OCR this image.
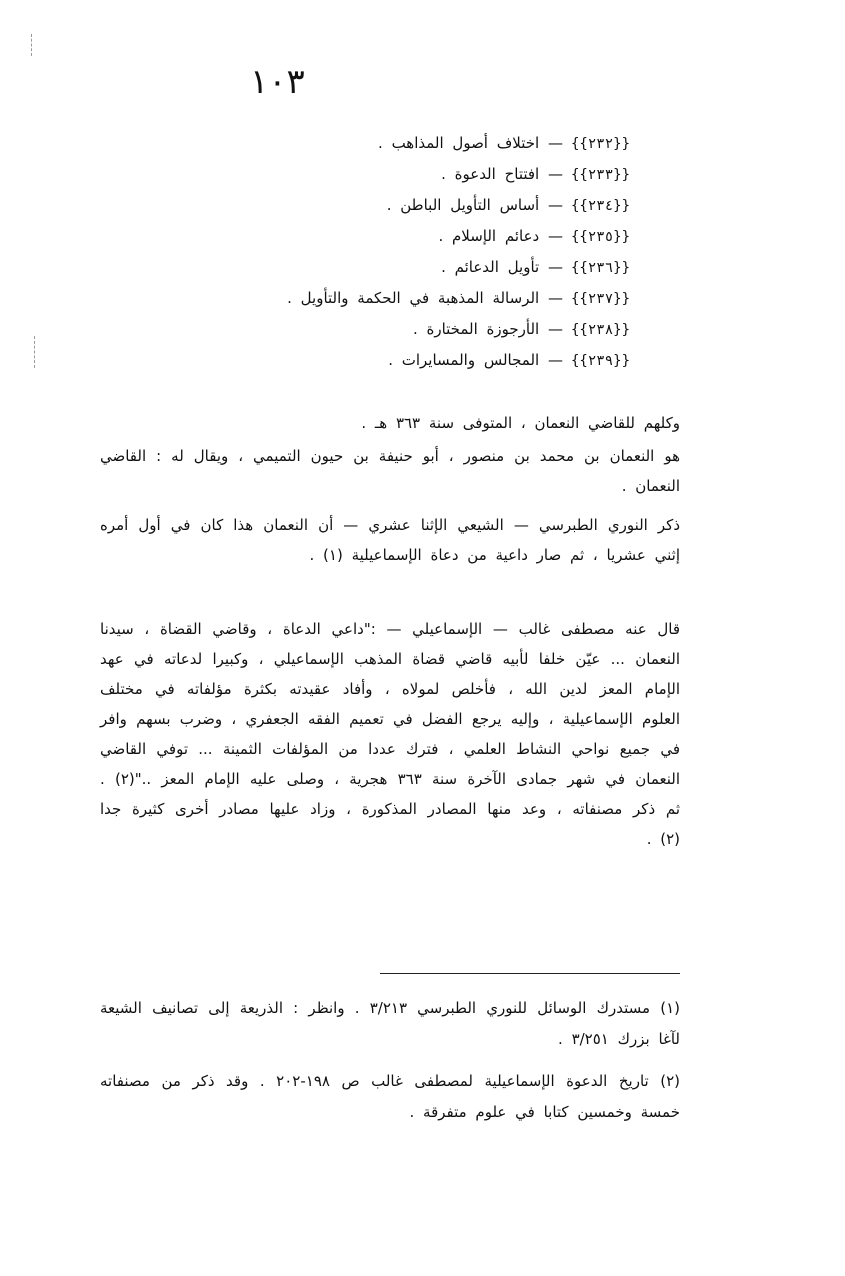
١٠٣
{{٢٣٢}}— اختلاف أصول المذاهب .
{{٢٣٣}}— افتتاح الدعوة .
{{٢٣٤}}— أساس التأويل الباطن .
{{٢٣٥}}— دعائم الإسلام .
{{٢٣٦}}— تأويل الدعائم .
{{٢٣٧}}— الرسالة المذهبة في الحكمة والتأويل .
{{٢٣٨}}— الأرجوزة المختارة .
{{٢٣٩}}— المجالس والمسايرات .

وكلهم للقاضي النعمان ، المتوفى سنة ٣٦٣ هـ .

هو النعمان بن محمد بن منصور ، أبو حنيفة بن حيون التميمي ، ويقال له : القاضي النعمان .

ذكر النوري الطبرسي — الشيعي الإثنا عشري — أن النعمان هذا كان في أول أمره إثني عشريا ، ثم صار داعية من دعاة الإسماعيلية (١) .

قال عنه مصطفى غالب — الإسماعيلي — :"داعي الدعاة ، وقاضي القضاة ، سيدنا النعمان ... عيّن خلفا لأبيه قاضي قضاة المذهب الإسماعيلي ، وكبيرا لدعاته في عهد الإمام المعز لدين الله ، فأخلص لمولاه ، وأفاد عقيدته بكثرة مؤلفاته في مختلف العلوم الإسماعيلية ، وإليه يرجع الفضل في تعميم الفقه الجعفري ، وضرب بسهم وافر في جميع نواحي النشاط العلمي ، فترك عددا من المؤلفات الثمينة ... توفي القاضي النعمان في شهر جمادى الآخرة سنة ٣٦٣ هجرية ، وصلى عليه الإمام المعز .."(٢) . ثم ذكر مصنفاته ، وعد منها المصادر المذكورة ، وزاد عليها مصادر أخرى كثيرة جدا (٢) .

(١) مستدرك الوسائل للنوري الطبرسي ٣/٢١٣ . وانظر : الذريعة إلى تصانيف الشيعة لآغا بزرك ٣/٢٥١ .

(٢) تاريخ الدعوة الإسماعيلية لمصطفى غالب ص ١٩٨-٢٠٢ . وقد ذكر من مصنفاته خمسة وخمسين كتابا في علوم متفرقة .
